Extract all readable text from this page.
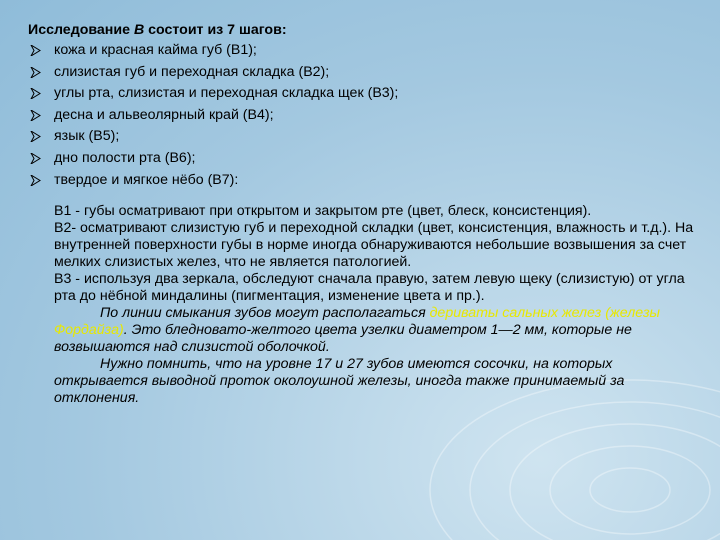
Исследование В состоит из 7 шагов:
кожа и красная кайма губ (В1);
слизистая губ и переходная складка (В2);
углы рта, слизистая и переходная складка щек (В3);
десна и альвеолярный край (В4);
язык (В5);
дно полости рта (В6);
твердое и мягкое нёбо (В7):

В1 - губы осматривают при открытом и закрытом рте (цвет, блеск, консистенция).

В2- осматривают слизистую губ и переходной складки (цвет, консистенция, влажность и т.д.). На внутренней поверхности губы в норме иногда обнаруживаются небольшие возвышения за счет мелких слизистых желез, что не является патологией.

В3 - используя два зеркала, обследуют сначала правую, затем левую щеку (слизистую) от угла рта до нёбной миндалины (пигментация, изменение цвета и пр.).

По линии смыкания зубов могут располагаться дериваты сальных желез (железы Фордайза). Это бледновато-желтого цвета узелки диаметром 1—2 мм, которые не возвышаются над слизистой оболочкой.

Нужно помнить, что на уровне 17 и 27 зубов имеются сосочки, на которых открывается выводной проток околоушной железы, иногда также принимаемый за отклонения.
